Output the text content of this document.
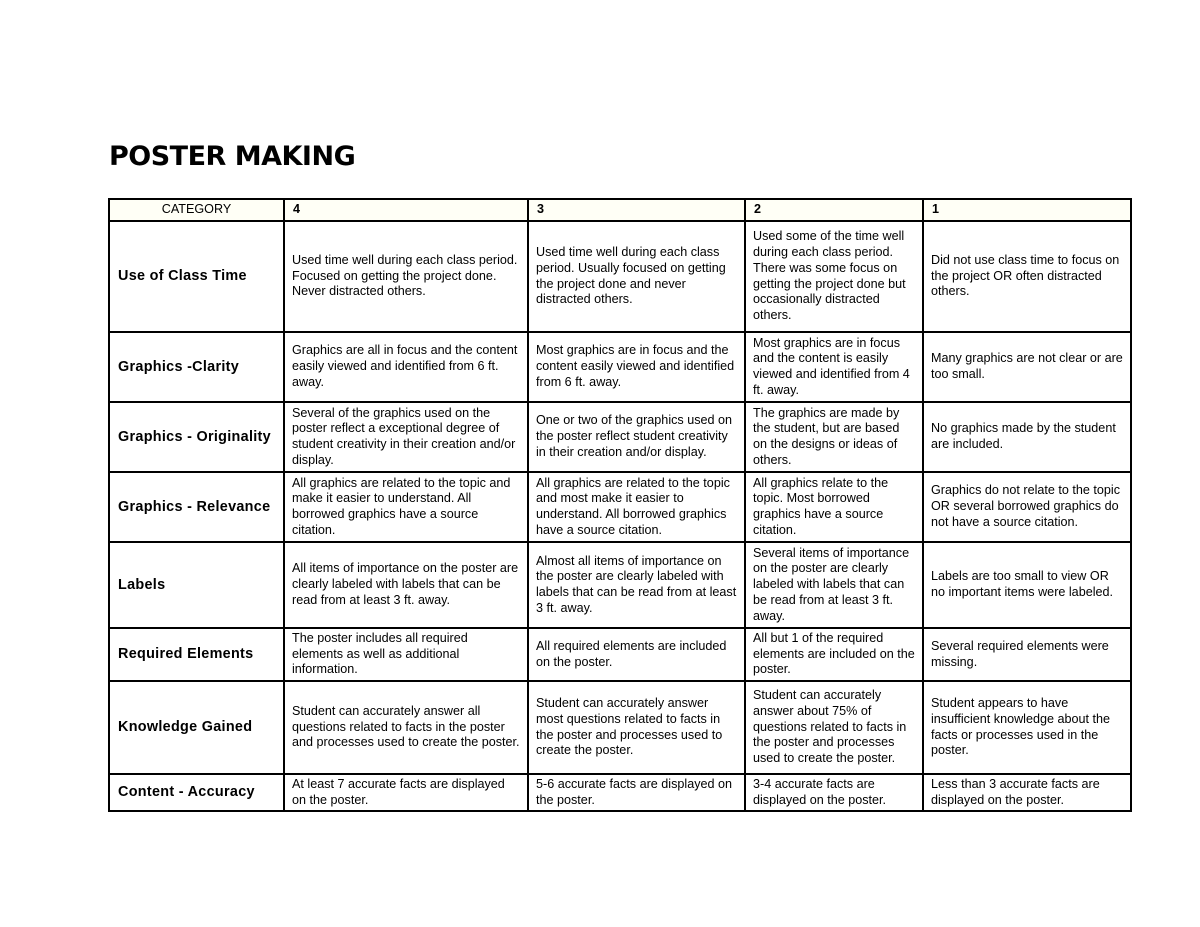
POSTER MAKING
CATEGORY	4	3	2	1
Use of Class Time	Used time well during each class period. Focused on getting the project done. Never distracted others.	Used time well during each class period. Usually focused on getting the project done and never distracted others.	Used some of the time well during each class period. There was some focus on getting the project done but occasionally distracted others.	Did not use class time to focus on the project OR often distracted others.
Graphics -Clarity	Graphics are all in focus and the content easily viewed and identified from 6 ft. away.	Most graphics are in focus and the content easily viewed and identified from 6 ft. away.	Most graphics are in focus and the content is easily viewed and identified from 4 ft. away.	Many graphics are not clear or are too small.
Graphics - Originality	Several of the graphics used on the poster reflect a exceptional degree of student creativity in their creation and/or display.	One or two of the graphics used on the poster reflect student creativity in their creation and/or display.	The graphics are made by the student, but are based on the designs or ideas of others.	No graphics made by the student are included.
Graphics - Relevance	All graphics are related to the topic and make it easier to understand. All borrowed graphics have a source citation.	All graphics are related to the topic and most make it easier to understand. All borrowed graphics have a source citation.	All graphics relate to the topic. Most borrowed graphics have a source citation.	Graphics do not relate to the topic OR several borrowed graphics do not have a source citation.
Labels	All items of importance on the poster are clearly labeled with labels that can be read from at least 3 ft. away.	Almost all items of importance on the poster are clearly labeled with labels that can be read from at least 3 ft. away.	Several items of importance on the poster are clearly labeled with labels that can be read from at least 3 ft. away.	Labels are too small to view OR no important items were labeled.
Required Elements	The poster includes all required elements as well as additional information.	All required elements are included on the poster.	All but 1 of the required elements are included on the poster.	Several required elements were missing.
Knowledge Gained	Student can accurately answer all questions related to facts in the poster and processes used to create the poster.	Student can accurately answer most questions related to facts in the poster and processes used to create the poster.	Student can accurately answer about 75% of questions related to facts in the poster and processes used to create the poster.	Student appears to have insufficient knowledge about the facts or processes used in the poster.
Content - Accuracy	At least 7 accurate facts are displayed on the poster.	5-6 accurate facts are displayed on the poster.	3-4 accurate facts are displayed on the poster.	Less than 3 accurate facts are displayed on the poster.
